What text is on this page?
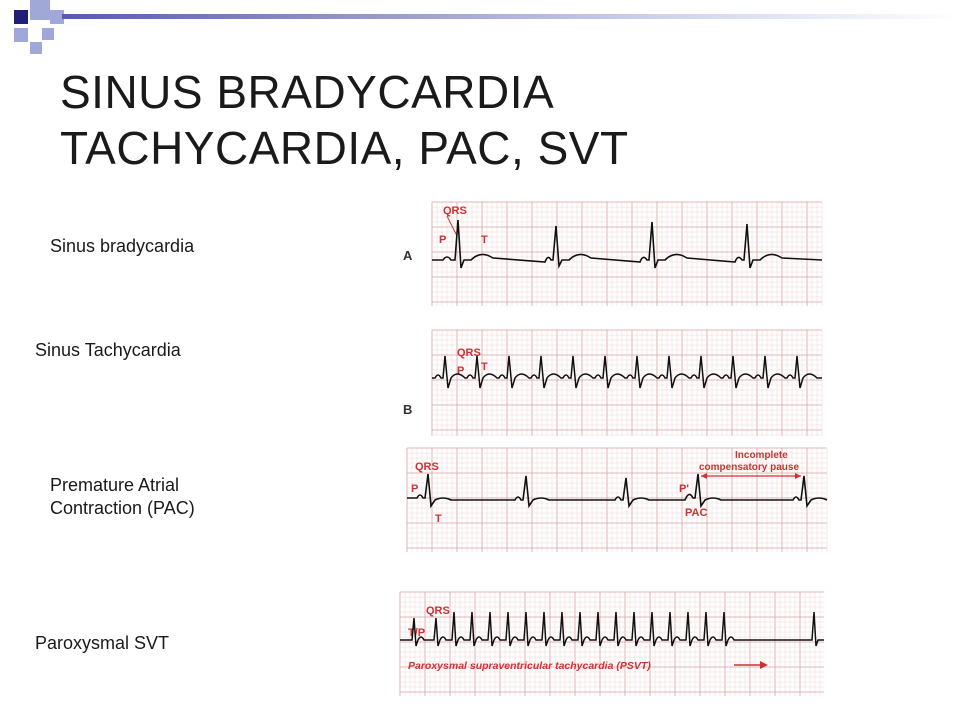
SINUS BRADYCARDIA
TACHYCARDIA, PAC, SVT
Sinus bradycardia
Sinus Tachycardia
Premature Atrial
Contraction (PAC)
Paroxysmal SVT
A
QRS
P	T
B
QRS
P T
QRS
P
T
P'
PAC
Incomplete
compensatory pause
QRS
T/P
Paroxysmal supraventricular tachycardia (PSVT)
